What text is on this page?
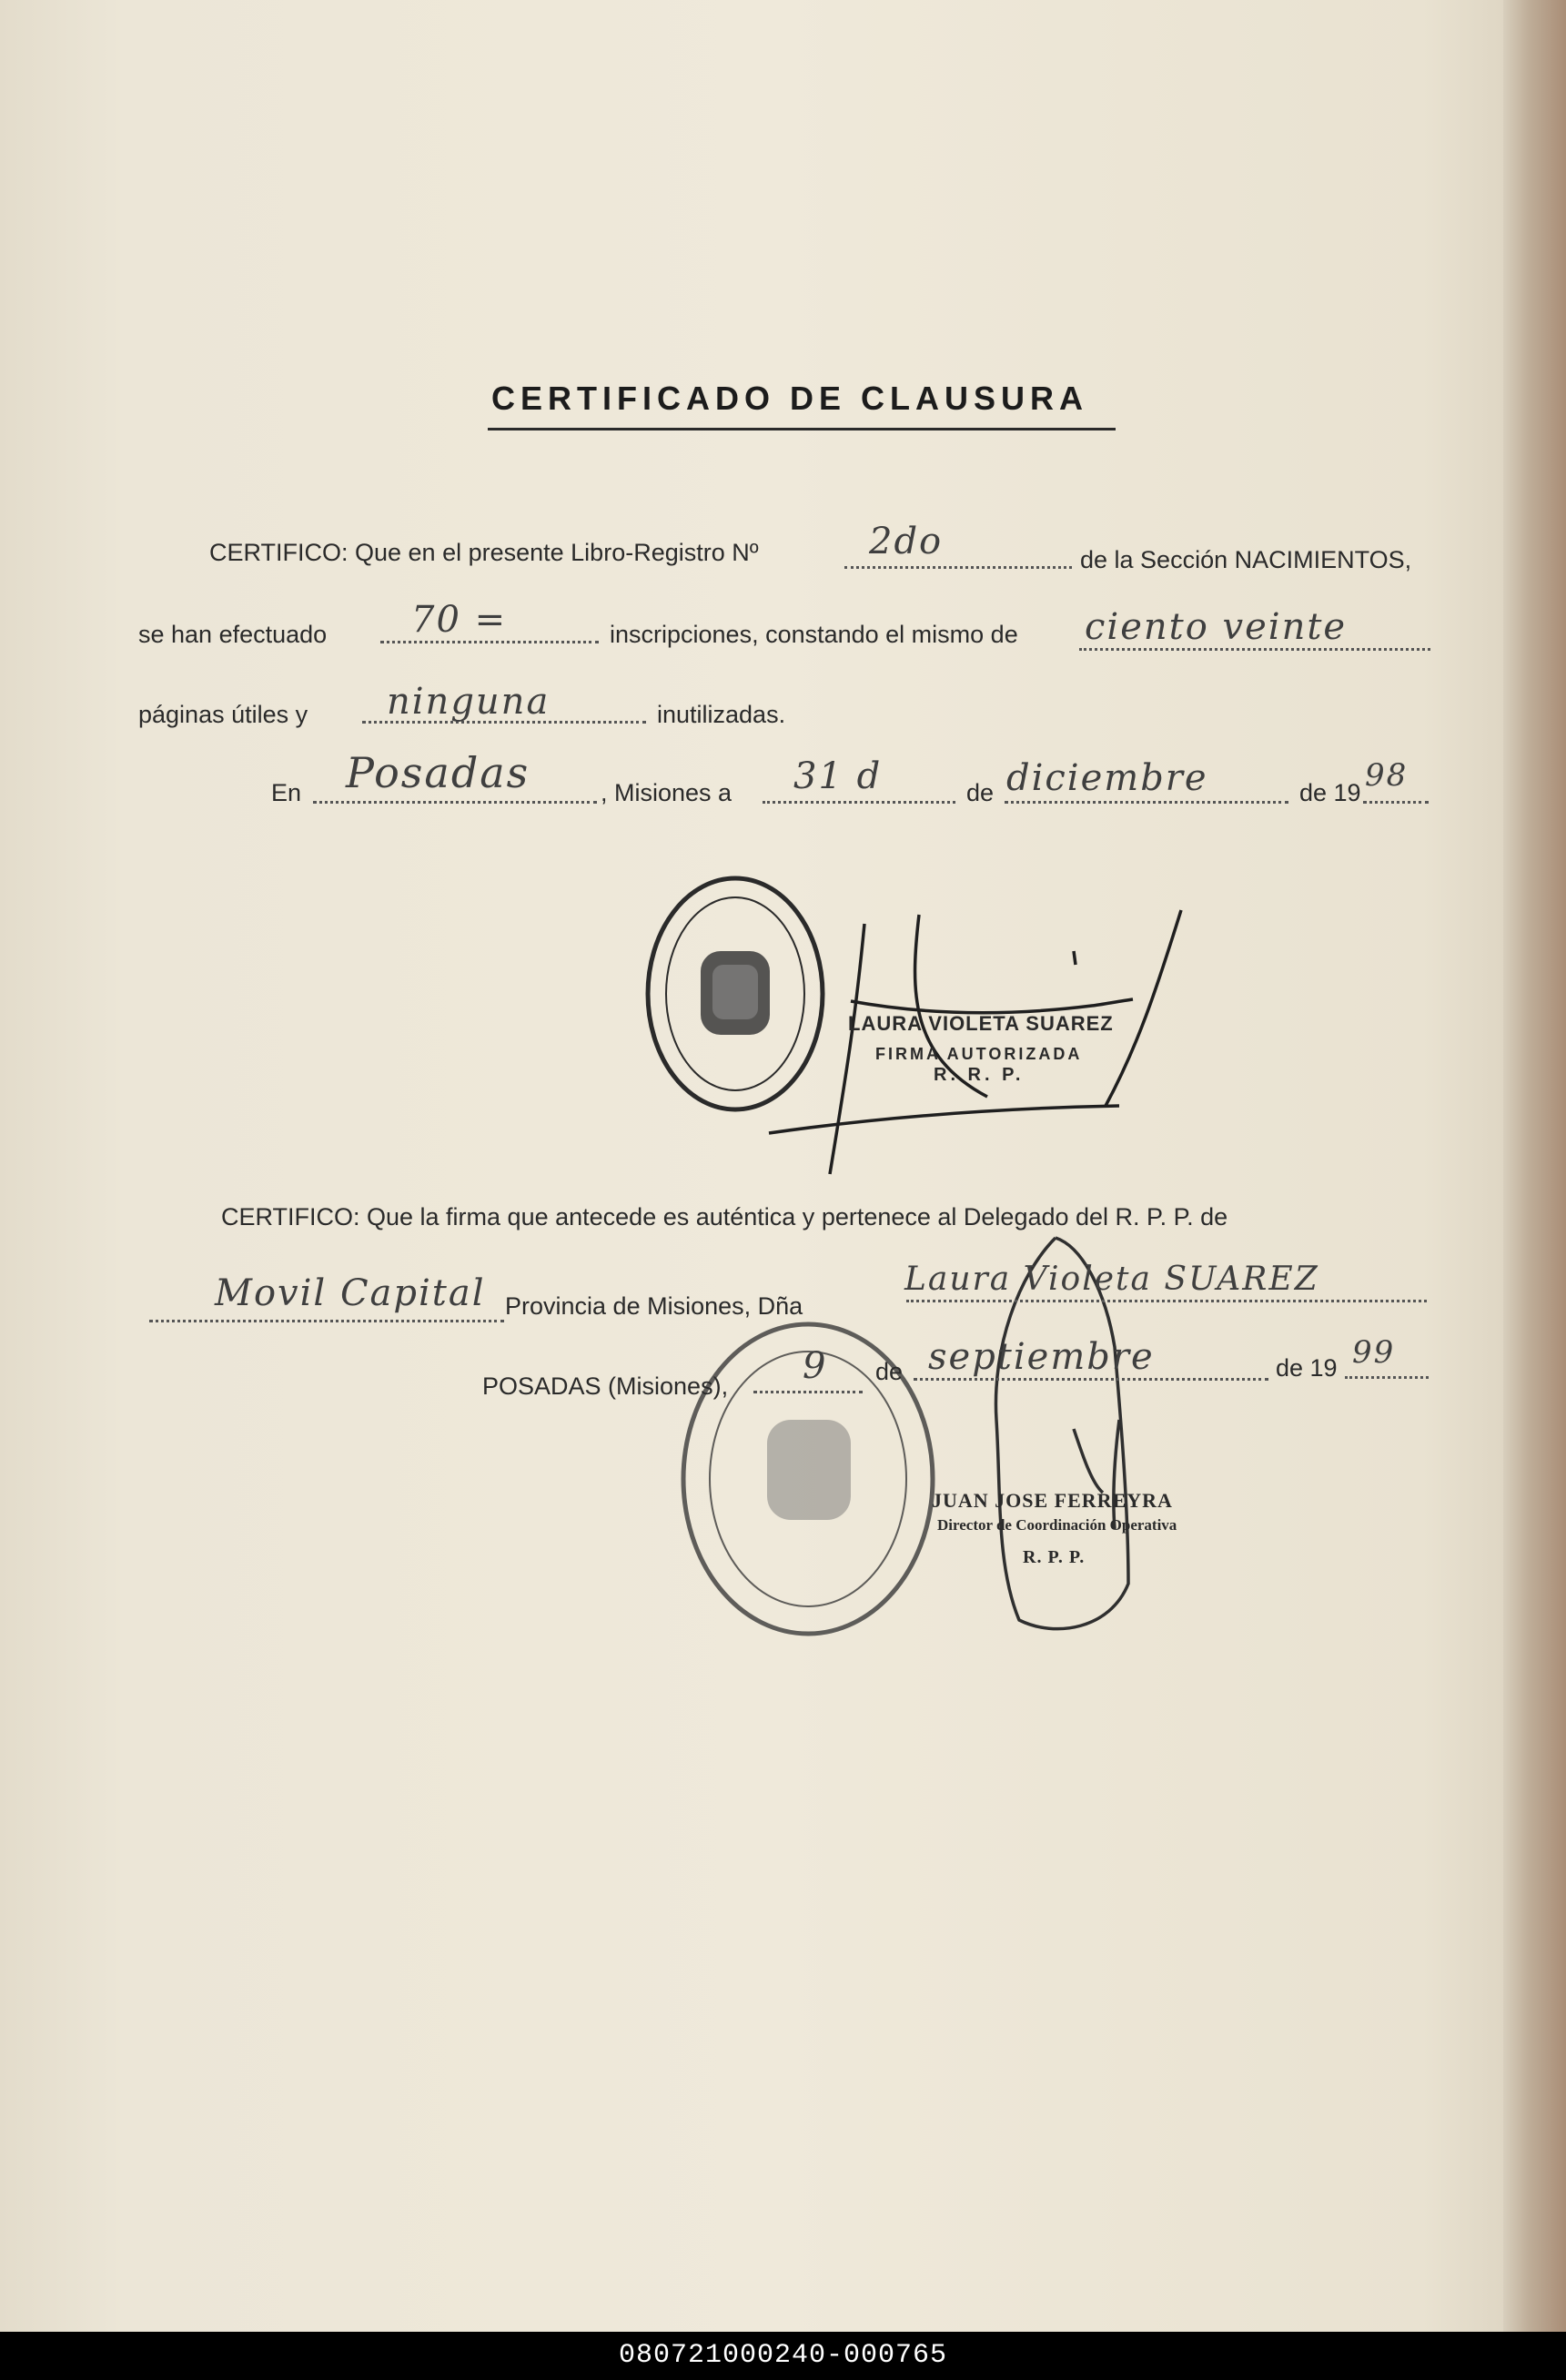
CERTIFICADO DE CLAUSURA
CERTIFICO: Que en el presente Libro-Registro Nº	2do	de la Sección NACIMIENTOS,
se han efectuado 70 =	inscripciones, constando el mismo de ciento veinte
páginas útiles y ninguna	inutilizadas.
En Posadas	, Misiones a 31 d	de diciembre	de 19 98
LAURA VIOLETA SUAREZ
FIRMA AUTORIZADA
R. R. P.
CERTIFICO: Que la firma que antecede es auténtica y pertenece al Delegado del R. P. P. de
Movil Capital Provincia de Misiones, Dña
Laura Violeta SUAREZ
POSADAS (Misiones), 9 de septiembre	de 19 99
JUAN JOSE FERREYRA
Director de Coordinación Operativa
R. P. P.
080721000240-000765
